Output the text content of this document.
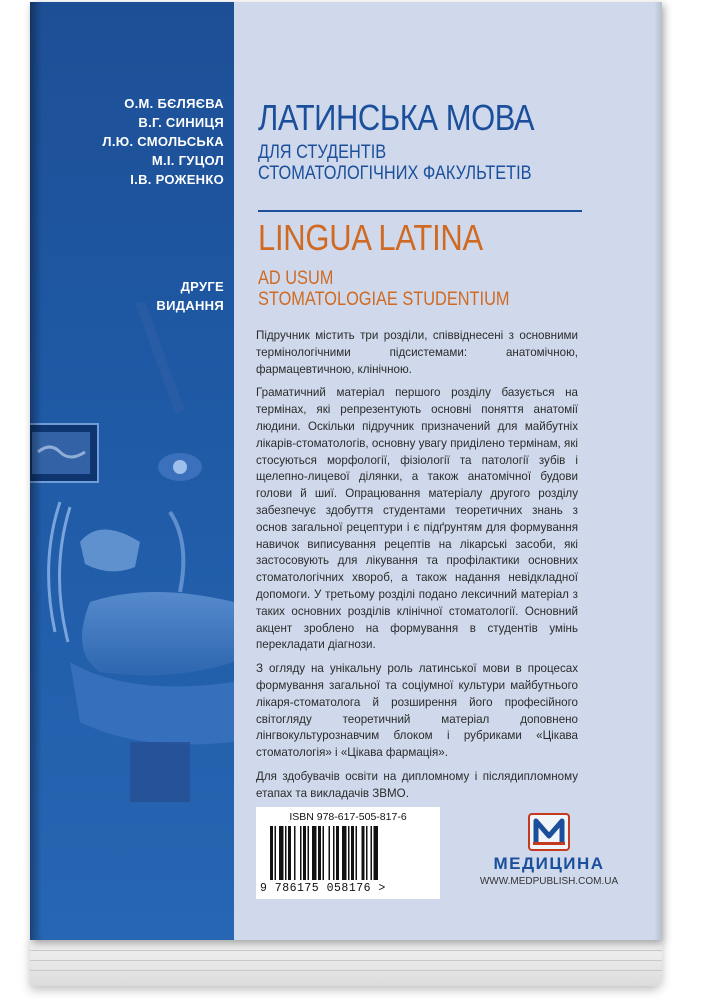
О.М. БЄЛЯЄВА
В.Г. СИНИЦЯ
Л.Ю. СМОЛЬСЬКА
М.І. ГУЦОЛ
І.В. РОЖЕНКО
ДРУГЕ
ВИДАННЯ
ЛАТИНСЬКА МОВА
ДЛЯ СТУДЕНТІВ
СТОМАТОЛОГІЧНИХ ФАКУЛЬТЕТІВ
LINGUA LATINA
AD USUM
STOMATOLOGIAE STUDENTIUM

Підручник містить три розділи, співвіднесені з основними термінологічними підсистемами: анатомічною, фармацевтичною, клінічною.

Граматичний матеріал першого розділу базується на термінах, які репрезентують основні поняття анатомії людини. Оскільки підручник призначений для майбутніх лікарів-стоматологів, основну увагу приділено термінам, які стосуються морфології, фізіології та патології зубів і щелепно-лицевої ділянки, а також анатомічної будови голови й шиї. Опрацювання матеріалу другого розділу забезпечує здобуття студентами теоретичних знань з основ загальної рецептури і є підґрунтям для формування навичок виписування рецептів на лікарські засоби, які застосовують для лікування та профілактики основних стоматологічних хвороб, а також надання невідкладної допомоги. У третьому розділі подано лексичний матеріал з таких основних розділів клінічної стоматології. Основний акцент зроблено на формування в студентів умінь перекладати діагнози.

З огляду на унікальну роль латинської мови в процесах формування загальної та соціумної культури майбутнього лікаря-стоматолога й розширення його професійного світогляду теоретичний матеріал доповнено лінгвокультурознавчим блоком і рубриками «Цікава стоматологія» і «Цікава фармація».

Для здобувачів освіти на дипломному і післядипломному етапах та викладачів ЗВМО.

ISBN 978-617-505-817-6
9 786175 058176 >
МЕДИЦИНА
WWW.MEDPUBLISH.COM.UA
